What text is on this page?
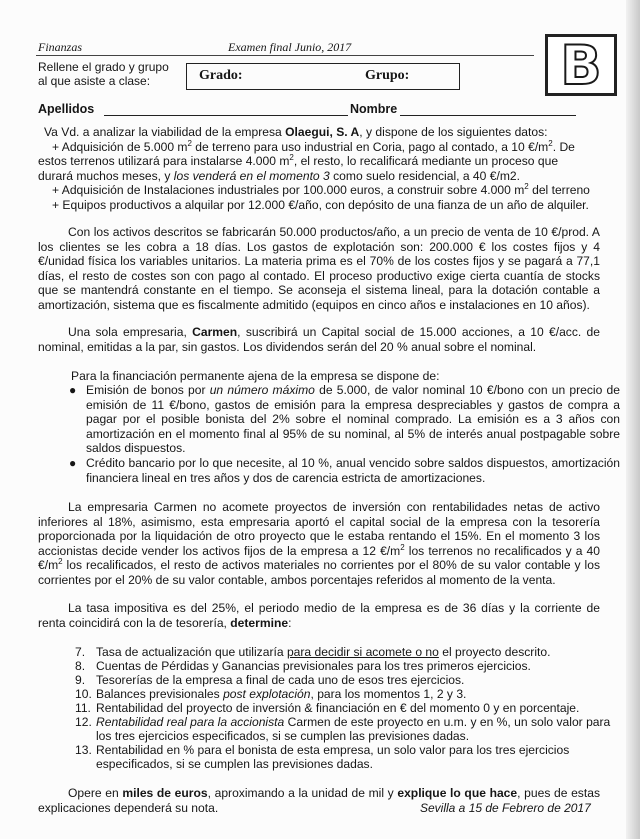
Finanzas	Examen final Junio, 2017	B
Rellene el grado y grupo
al que asiste a clase:	Grado:	Grupo:
Apellidos	Nombre
Va Vd. a analizar la viabilidad de la empresa Olaegui, S. A, y dispone de los siguientes datos:
+ Adquisición de 5.000 $m^2$ de terreno para uso industrial en Coria, pago al contado, a 10 $€/m^2$. De
estos terrenos utilizará para instalarse 4.000 $m^2$, el resto, lo recalificará mediante un proceso que
durará muchos meses, y los venderá en el momento 3 como suelo residencial, a 40 €/m2.
+ Adquisición de Instalaciones industriales por 100.000 euros, a construir sobre 4.000 $m^2$ del terreno
+ Equipos productivos a alquilar por 12.000 €/año, con depósito de una fianza de un año de alquiler.

Con los activos descritos se fabricarán 50.000 productos/año, a un precio de venta de 10 €/prod. A los clientes se les cobra a 18 días. Los gastos de explotación son: 200.000 € los costes fijos y 4 €/unidad física los variables unitarios. La materia prima es el 70% de los costes fijos y se pagará a 77,1 días, el resto de costes son con pago al contado. El proceso productivo exige cierta cuantía de stocks que se mantendrá constante en el tiempo. Se aconseja el sistema lineal, para la dotación contable a amortización, sistema que es fiscalmente admitido (equipos en cinco años e instalaciones en 10 años).

Una sola empresaria, Carmen, suscribirá un Capital social de 15.000 acciones, a 10 €/acc. de nominal, emitidas a la par, sin gastos. Los dividendos serán del 20 % anual sobre el nominal.

Para la financiación permanente ajena de la empresa se dispone de:

● Emisión de bonos por un número máximo de 5.000, de valor nominal 10 €/bono con un precio de emisión de 11 €/bono, gastos de emisión para la empresa despreciables y gastos de compra a pagar por el posible bonista del 2% sobre el nominal comprado. La emisión es a 3 años con amortización en el momento final al 95% de su nominal, al 5% de interés anual postpagable sobre saldos dispuestos.

● Crédito bancario por lo que necesite, al 10 %, anual vencido sobre saldos dispuestos, amortización financiera lineal en tres años y dos de carencia estricta de amortizaciones.

La empresaria Carmen no acomete proyectos de inversión con rentabilidades netas de activo inferiores al 18%, asimismo, esta empresaria aportó el capital social de la empresa con la tesorería proporcionada por la liquidación de otro proyecto que le estaba rentando el 15%. En el momento 3 los accionistas decide vender los activos fijos de la empresa a 12 $€/m^2$ los terrenos no recalificados y a 40 $€/m^2$ los recalificados, el resto de activos materiales no corrientes por el 80% de su valor contable y los corrientes por el 20% de su valor contable, ambos porcentajes referidos al momento de la venta.

La tasa impositiva es del 25%, el periodo medio de la empresa es de 36 días y la corriente de renta coincidirá con la de tesorería, determine:

7. Tasa de actualización que utilizaría para decidir si acomete o no el proyecto descrito.

8. Cuentas de Pérdidas y Ganancias previsionales para los tres primeros ejercicios.

9. Tesorerías de la empresa a final de cada uno de esos tres ejercicios.

10. Balances previsionales post explotación, para los momentos 1, 2 y 3.

11. Rentabilidad del proyecto de inversión & financiación en € del momento 0 y en porcentaje.

12. Rentabilidad real para la accionista Carmen de este proyecto en u.m. y en %, un solo valor para los tres ejercicios especificados, si se cumplen las previsiones dadas.

13. Rentabilidad en % para el bonista de esta empresa, un solo valor para los tres ejercicios especificados, si se cumplen las previsiones dadas.

Opere en miles de euros, aproximando a la unidad de mil y explique lo que hace, pues de estas explicaciones dependerá su nota.	Sevilla a 15 de Febrero de 2017
